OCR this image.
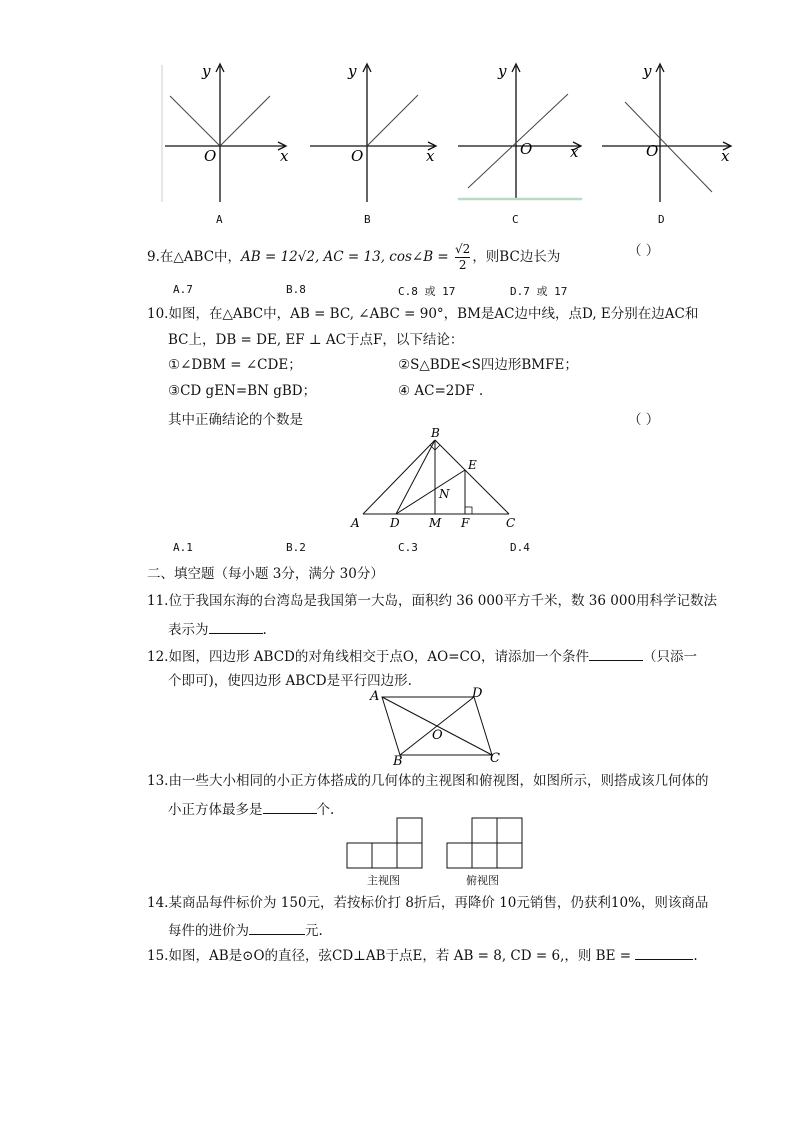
y
O	x
y
O	x
y
O	x
y
O	x
A	B	C	D
9.在△ABC中，AB = 12√2, AC = 13, cos∠B = $\frac{√2}{2}$ ，则BC边长为	（ ）
A.7	B.8	C.8 或 17	D.7 或 17
10.如图，在△ABC中，AB = BC, ∠ABC = 90°，BM是AC边中线，点D, E分别在边AC和
BC上，DB = DE, EF ⊥ AC于点F，以下结论：
①∠DBM = ∠CDE；	②S△BDE<S四边形BMFE；
③CD gEN=BN gBD；	④ AC=2DF .
其中正确结论的个数是	（ ）
B
A	C
D
E
F
M
N
A.1	B.2	C.3	D.4
二、填空题（每小题 3分，满分 30分）
11.位于我国东海的台湾岛是我国第一大岛，面积约 36 000平方千米，数 36 000用科学记数法
表示为	.
12.如图，四边形 ABCD的对角线相交于点O，AO=CO，请添加一个条件	（只添一
个即可)，使四边形 ABCD是平行四边形.
A
B	C
D
O
13.由一些大小相同的小正方体搭成的几何体的主视图和俯视图，如图所示，则搭成该几何体的
小正方体最多是	个.
主视图	俯视图
14.某商品每件标价为 150元，若按标价打 8折后，再降价 10元销售，仍获利10%，则该商品
每件的进价为	元.
15.如图，AB是⊙O的直径，弦CD⊥AB于点E，若 AB = 8, CD = 6,，则 BE =	.
